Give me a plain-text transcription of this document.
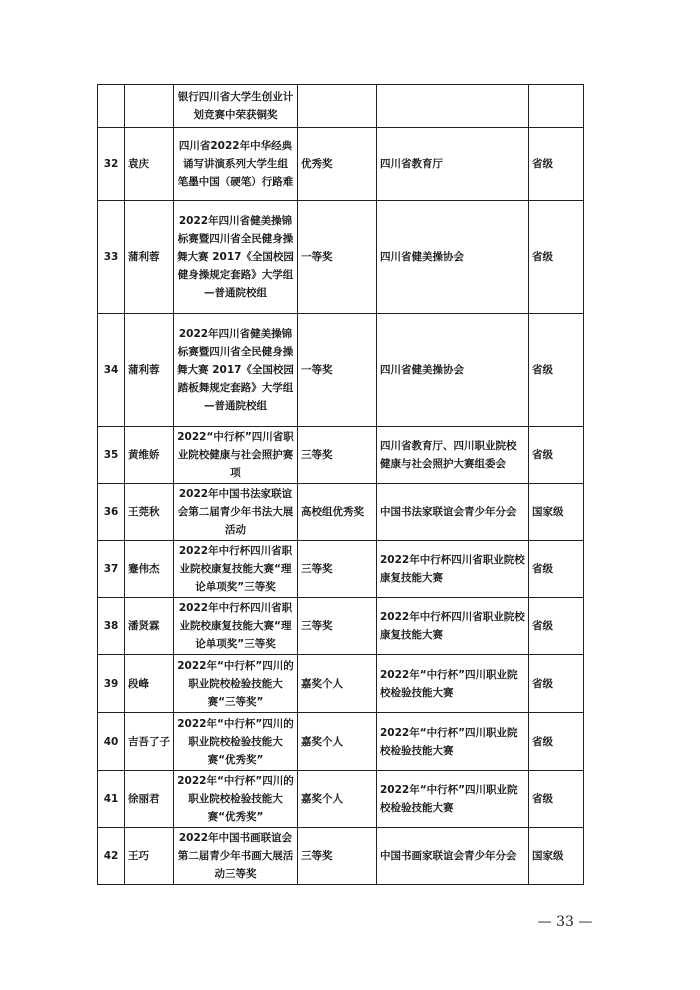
		银行四川省大学生创业计划竞赛中荣获铜奖			
32	袁庆	四川省2022年中华经典诵写讲演系列大学生组 笔墨中国（硬笔）行路难	优秀奖	四川省教育厅	省级
33	蒲利蓉	2022年四川省健美操锦标赛暨四川省全民健身操舞大赛 2017《全国校园健身操规定套路》大学组—普通院校组	一等奖	四川省健美操协会	省级
34	蒲利蓉	2022年四川省健美操锦标赛暨四川省全民健身操舞大赛 2017《全国校园踏板舞规定套路》大学组—普通院校组	一等奖	四川省健美操协会	省级
35	黄维娇	2022“中行杯”四川省职业院校健康与社会照护赛项	三等奖	四川省教育厅、四川职业院校健康与社会照护大赛组委会	省级
36	王莞秋	2022年中国书法家联谊会第二届青少年书法大展活动	高校组优秀奖	中国书法家联谊会青少年分会	国家级
37	蹇伟杰	2022年中行杯四川省职业院校康复技能大赛“理论单项奖”三等奖	三等奖	2022年中行杯四川省职业院校康复技能大赛	省级
38	潘贤霖	2022年中行杯四川省职业院校康复技能大赛“理论单项奖”三等奖	三等奖	2022年中行杯四川省职业院校康复技能大赛	省级
39	段峰	2022年“中行杯”四川的职业院校检验技能大赛“三等奖”	嘉奖个人	2022年“中行杯”四川职业院校检验技能大赛	省级
40	吉吾了子	2022年“中行杯”四川的职业院校检验技能大赛“优秀奖”	嘉奖个人	2022年“中行杯”四川职业院校检验技能大赛	省级
41	徐丽君	2022年“中行杯”四川的职业院校检验技能大赛“优秀奖”	嘉奖个人	2022年“中行杯”四川职业院校检验技能大赛	省级
42	王巧	2022年中国书画联谊会第二届青少年书画大展活动三等奖	三等奖	中国书画家联谊会青少年分会	国家级
— 33 —
